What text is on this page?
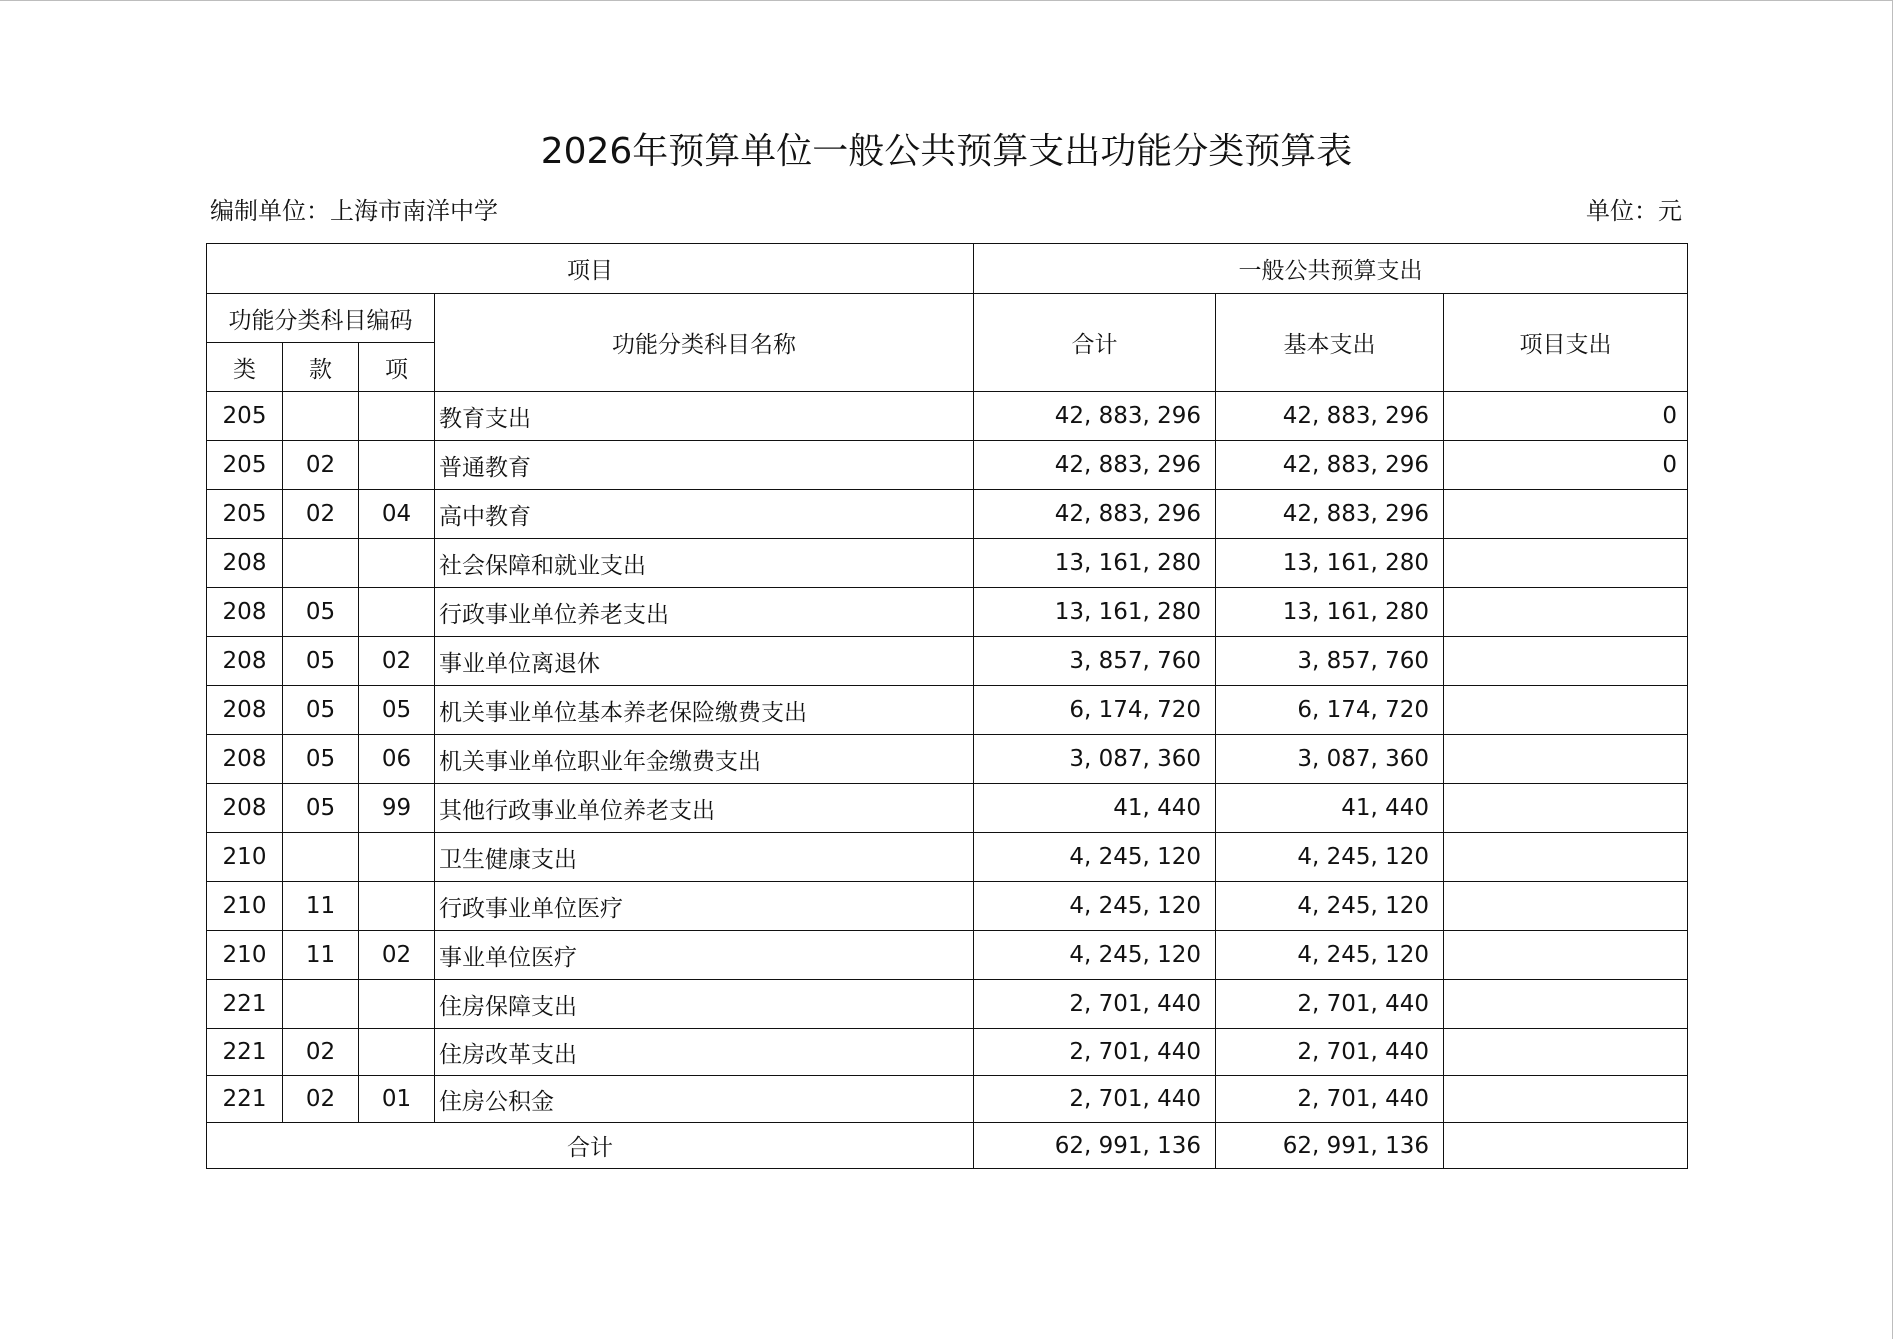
2026年预算单位一般公共预算支出功能分类预算表
编制单位：上海市南洋中学	单位：元
项目				一般公共预算支出		
功能分类科目编码			功能分类科目名称	合计	基本支出	项目支出
类	款	项				
205			教育支出	42, 883, 296	42, 883, 296	0
205	02		普通教育	42, 883, 296	42, 883, 296	0
205	02	04	高中教育	42, 883, 296	42, 883, 296	
208			社会保障和就业支出	13, 161, 280	13, 161, 280	
208	05		行政事业单位养老支出	13, 161, 280	13, 161, 280	
208	05	02	事业单位离退休	3, 857, 760	3, 857, 760	
208	05	05	机关事业单位基本养老保险缴费支出	6, 174, 720	6, 174, 720	
208	05	06	机关事业单位职业年金缴费支出	3, 087, 360	3, 087, 360	
208	05	99	其他行政事业单位养老支出	41, 440	41, 440	
210			卫生健康支出	4, 245, 120	4, 245, 120	
210	11		行政事业单位医疗	4, 245, 120	4, 245, 120	
210	11	02	事业单位医疗	4, 245, 120	4, 245, 120	
221			住房保障支出	2, 701, 440	2, 701, 440	
221	02		住房改革支出	2, 701, 440	2, 701, 440	
221	02	01	住房公积金	2, 701, 440	2, 701, 440	
合计				62, 991, 136	62, 991, 136	
